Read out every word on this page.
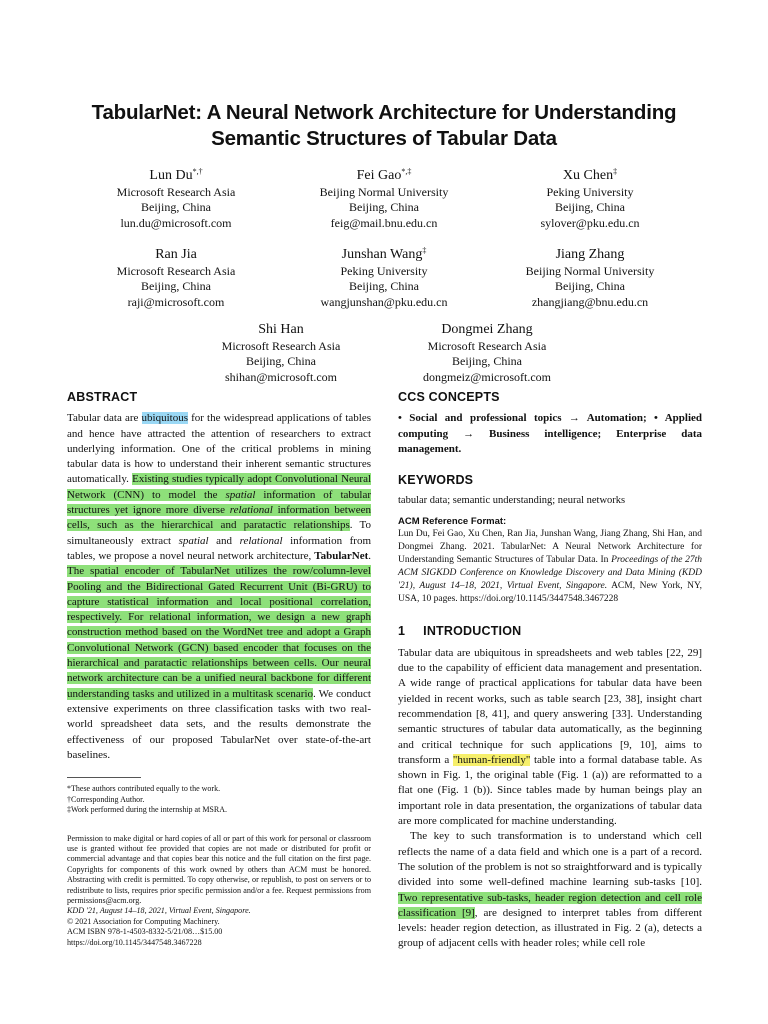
TabularNet: A Neural Network Architecture for Understanding
Semantic Structures of Tabular Data
Lun Du*,†
Microsoft Research Asia
Beijing, China
lun.du@microsoft.com
Fei Gao*,‡
Beijing Normal University
Beijing, China
feig@mail.bnu.edu.cn
Xu Chen‡
Peking University
Beijing, China
sylover@pku.edu.cn
Ran Jia
Microsoft Research Asia
Beijing, China
raji@microsoft.com
Junshan Wang‡
Peking University
Beijing, China
wangjunshan@pku.edu.cn
Jiang Zhang
Beijing Normal University
Beijing, China
zhangjiang@bnu.edu.cn
Shi Han
Microsoft Research Asia
Beijing, China
shihan@microsoft.com
Dongmei Zhang
Microsoft Research Asia
Beijing, China
dongmeiz@microsoft.com
ABSTRACT

Tabular data are ubiquitous for the widespread applications of tables and hence have attracted the attention of researchers to extract underlying information. One of the critical problems in mining tabular data is how to understand their inherent semantic structures automatically. Existing studies typically adopt Convolutional Neural Network (CNN) to model the spatial information of tabular structures yet ignore more diverse relational information between cells, such as the hierarchical and paratactic relationships. To simultaneously extract spatial and relational information from tables, we propose a novel neural network architecture, TabularNet. The spatial encoder of TabularNet utilizes the row/column-level Pooling and the Bidirectional Gated Recurrent Unit (Bi-GRU) to capture statistical information and local positional correlation, respectively. For relational information, we design a new graph construction method based on the WordNet tree and adopt a Graph Convolutional Network (GCN) based encoder that focuses on the hierarchical and paratactic relationships between cells. Our neural network architecture can be a unified neural backbone for different understanding tasks and utilized in a multitask scenario. We conduct extensive experiments on three classification tasks with two real-world spreadsheet data sets, and the results demonstrate the effectiveness of our proposed TabularNet over state-of-the-art baselines.

*These authors contributed equally to the work.
†Corresponding Author.
‡Work performed during the internship at MSRA.
Permission to make digital or hard copies of all or part of this work for personal or classroom use is granted without fee provided that copies are not made or distributed for profit or commercial advantage and that copies bear this notice and the full citation on the first page. Copyrights for components of this work owned by others than ACM must be honored. Abstracting with credit is permitted. To copy otherwise, or republish, to post on servers or to redistribute to lists, requires prior specific permission and/or a fee. Request permissions from permissions@acm.org.
KDD '21, August 14–18, 2021, Virtual Event, Singapore.
© 2021 Association for Computing Machinery.
ACM ISBN 978-1-4503-8332-5/21/08…$15.00
https://doi.org/10.1145/3447548.3467228
CCS CONCEPTS

• Social and professional topics → Automation; • Applied computing → Business intelligence; Enterprise data management.

KEYWORDS

tabular data; semantic understanding; neural networks

ACM Reference Format:
Lun Du, Fei Gao, Xu Chen, Ran Jia, Junshan Wang, Jiang Zhang, Shi Han, and Dongmei Zhang. 2021. TabularNet: A Neural Network Architecture for Understanding Semantic Structures of Tabular Data. In Proceedings of the 27th ACM SIGKDD Conference on Knowledge Discovery and Data Mining (KDD '21), August 14–18, 2021, Virtual Event, Singapore. ACM, New York, NY, USA, 10 pages. https://doi.org/10.1145/3447548.3467228
1 INTRODUCTION

Tabular data are ubiquitous in spreadsheets and web tables [22, 29] due to the capability of efficient data management and presentation. A wide range of practical applications for tabular data have been yielded in recent works, such as table search [23, 38], insight chart recommendation [8, 41], and query answering [33]. Understanding semantic structures of tabular data automatically, as the beginning and critical technique for such applications [9, 10], aims to transform a "human-friendly" table into a formal database table. As shown in Fig. 1, the original table (Fig. 1 (a)) are reformatted to a flat one (Fig. 1 (b)). Since tables made by human beings play an important role in data presentation, the organizations of tabular data are more complicated for machine understanding.

The key to such transformation is to understand which cell reflects the name of a data field and which one is a part of a record. The solution of the problem is not so straightforward and is typically divided into some well-defined machine learning sub-tasks [10]. Two representative sub-tasks, header region detection and cell role classification [9], are designed to interpret tables from different levels: header region detection, as illustrated in Fig. 2 (a), detects a group of adjacent cells with header roles; while cell role
